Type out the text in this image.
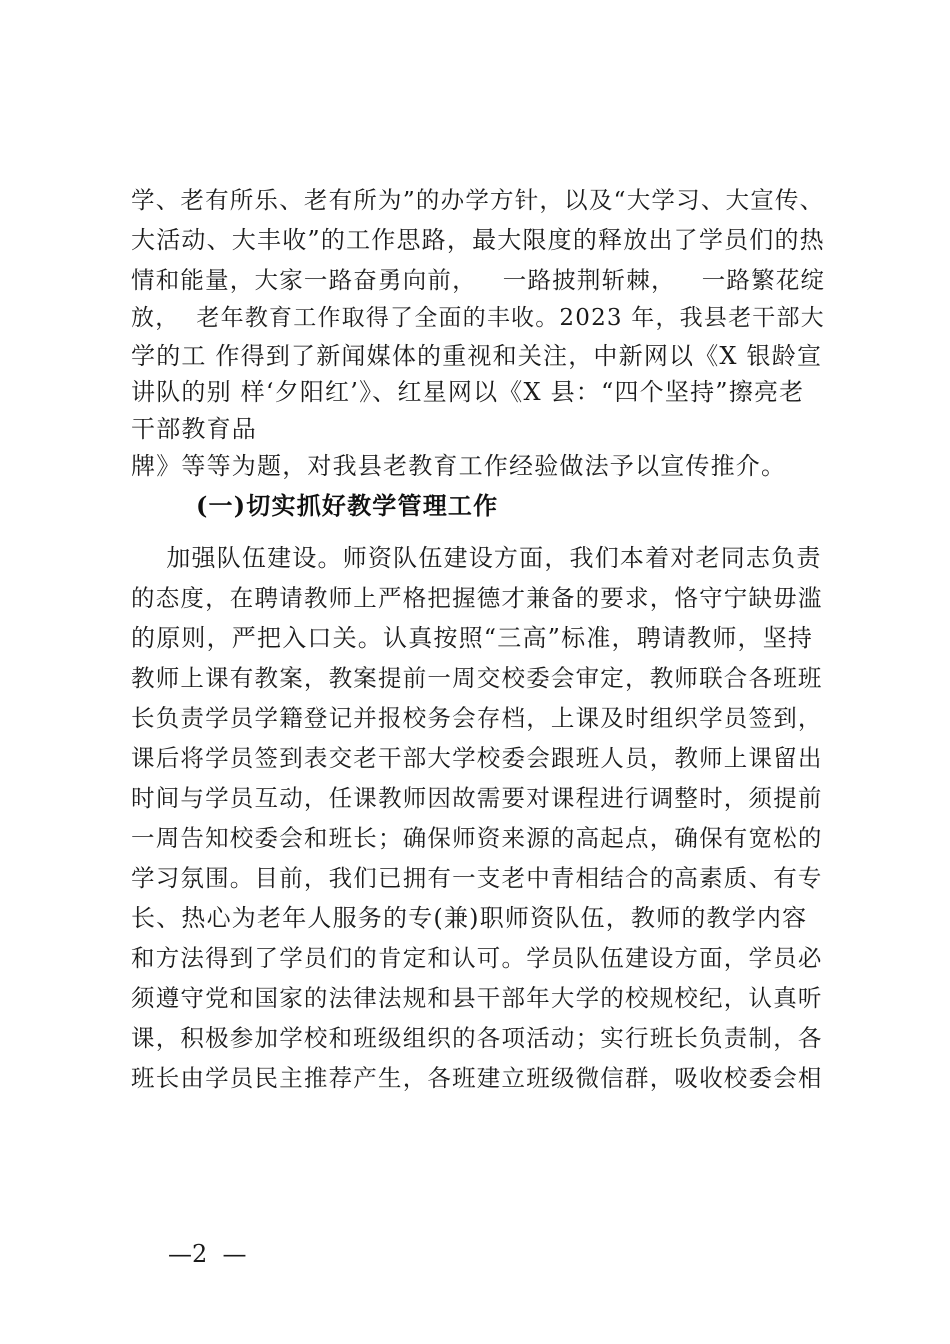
学、老有所乐、老有所为”的办学方针，以及“大学习、大宣传、
大活动、大丰收”的工作思路，最大限度的释放出了学员们的热
情和能量，大家一路奋勇向前，   一路披荆斩棘，   一路繁花绽
放，  老年教育工作取得了全面的丰收。2023 年，我县老干部大
学的工 作得到了新闻媒体的重视和关注，中新网以《X 银龄宣
讲队的别 样‘夕阳红’》、红星网以《X 县：“四个坚持”擦亮老
干部教育品
牌》等等为题，对我县老教育工作经验做法予以宣传推介。
(一)切实抓好教学管理工作
加强队伍建设。师资队伍建设方面，我们本着对老同志负责
的态度，在聘请教师上严格把握德才兼备的要求，恪守宁缺毋滥
的原则，严把入口关。认真按照“三高”标准，聘请教师，坚持
教师上课有教案，教案提前一周交校委会审定，教师联合各班班
长负责学员学籍登记并报校务会存档，上课及时组织学员签到，
课后将学员签到表交老干部大学校委会跟班人员，教师上课留出
时间与学员互动，任课教师因故需要对课程进行调整时，须提前
一周告知校委会和班长；确保师资来源的高起点，确保有宽松的
学习氛围。目前，我们已拥有一支老中青相结合的高素质、有专
长、热心为老年人服务的专(兼)职师资队伍，教师的教学内容
和方法得到了学员们的肯定和认可。学员队伍建设方面，学员必
须遵守党和国家的法律法规和县干部年大学的校规校纪，认真听
课，积极参加学校和班级组织的各项活动；实行班长负责制，各
班长由学员民主推荐产生，各班建立班级微信群，吸收校委会相
—2  —
